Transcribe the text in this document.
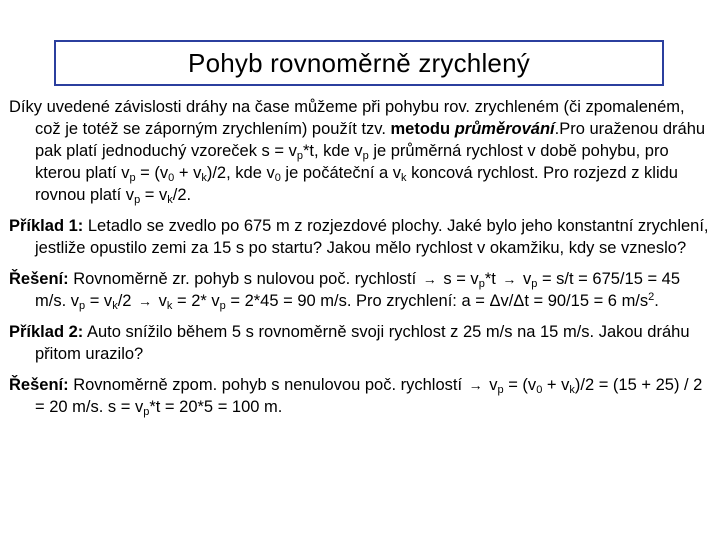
Pohyb rovnoměrně zrychlený

Díky uvedené závislosti dráhy na čase můžeme při pohybu rov. zrychleném (či zpomaleném, což je totéž se záporným zrychlením) použít tzv. metodu průměrování.Pro uraženou dráhu pak platí jednoduchý vzoreček $s = v_p*t$, kde $v_p$ je průměrná rychlost v době pohybu, pro kterou platí $v_p = (v_0 + v_k)/2$, kde $v_0$ je počáteční a $v_k$ koncová rychlost. Pro rozjezd z klidu rovnou platí $v_p = v_k/2$.

Příklad 1: Letadlo se zvedlo po 675 m z rozjezdové plochy. Jaké bylo jeho konstantní zrychlení, jestliže opustilo zemi za 15 s po startu? Jakou mělo rychlost v okamžiku, kdy se vzneslo?

Řešení: Rovnoměrně zr. pohyb s nulovou poč. rychlostí → $s = v_p*t \to v_p = s/t = 675/15 = 45$ m/s. $v_p = v_k/2 \to v_k = 2*$ $v_p = 2*45 = 90$ m/s. Pro zrychlení: a = Δv/Δt = 90/15 = 6 $m/s^2$.

Příklad 2: Auto snížilo během 5 s rovnoměrně svoji rychlost z 25 m/s na 15 m/s. Jakou dráhu přitom urazilo?

Řešení: Rovnoměrně zpom. pohyb s nenulovou poč. rychlostí → $v_p = (v_0 + v_k)/2 = (15 + 25) / 2 = 20$ m/s. $s = v_p*t = 20*5 = 100$ m.
